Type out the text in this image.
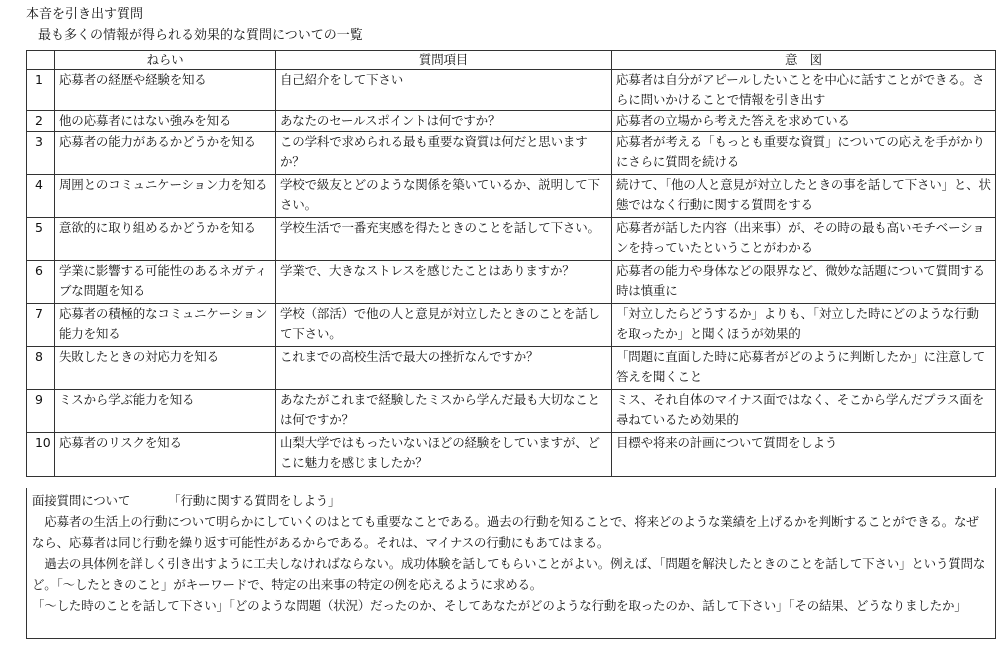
本音を引き出す質問
最も多くの情報が得られる効果的な質問についての一覧
	ねらい	質問項目	意　図
1	応募者の経歴や経験を知る	自己紹介をして下さい	応募者は自分がアピールしたいことを中心に話すことができる。さらに問いかけることで情報を引き出す
2	他の応募者にはない強みを知る	あなたのセールスポイントは何ですか？	応募者の立場から考えた答えを求めている
3	応募者の能力があるかどうかを知る	この学科で求められる最も重要な資質は何だと思いますか？	応募者が考える「もっとも重要な資質」についての応えを手がかりにさらに質問を続ける
4	周囲とのコミュニケーション力を知る	学校で級友とどのような関係を築いているか、説明して下さい。	続けて、「他の人と意見が対立したときの事を話して下さい」と、状態ではなく行動に関する質問をする
5	意欲的に取り組めるかどうかを知る	学校生活で一番充実感を得たときのことを話して下さい。	応募者が話した内容（出来事）が、その時の最も高いモチベーションを持っていたということがわかる
6	学業に影響する可能性のあるネガティブな問題を知る	学業で、大きなストレスを感じたことはありますか？	応募者の能力や身体などの限界など、微妙な話題について質問する時は慎重に
7	応募者の積極的なコミュニケーション能力を知る	学校（部活）で他の人と意見が対立したときのことを話して下さい。	「対立したらどうするか」よりも、「対立した時にどのような行動を取ったか」と聞くほうが効果的
8	失敗したときの対応力を知る	これまでの高校生活で最大の挫折なんですか？	「問題に直面した時に応募者がどのように判断したか」に注意して答えを聞くこと
9	ミスから学ぶ能力を知る	あなたがこれまで経験したミスから学んだ最も大切なことは何ですか？	ミス、それ自体のマイナス面ではなく、そこから学んだプラス面を尋ねているため効果的
10	応募者のリスクを知る	山梨大学ではもったいないほどの経験をしていますが、どこに魅力を感じましたか？	目標や将来の計画について質問をしよう

面接質問について	「行動に関する質問をしよう」

　応募者の生活上の行動について明らかにしていくのはとても重要なことである。過去の行動を知ることで、将来どのような業績を上げるかを判断することができる。なぜなら、応募者は同じ行動を繰り返す可能性があるからである。それは、マイナスの行動にもあてはまる。

　過去の具体例を詳しく引き出すように工夫しなければならない。成功体験を話してもらいことがよい。例えば、「問題を解決したときのことを話して下さい」という質問など。「～したときのこと」がキーワードで、特定の出来事の特定の例を応えるように求める。

「～した時のことを話して下さい」「どのような問題（状況）だったのか、そしてあなたがどのような行動を取ったのか、話して下さい」「その結果、どうなりましたか」
